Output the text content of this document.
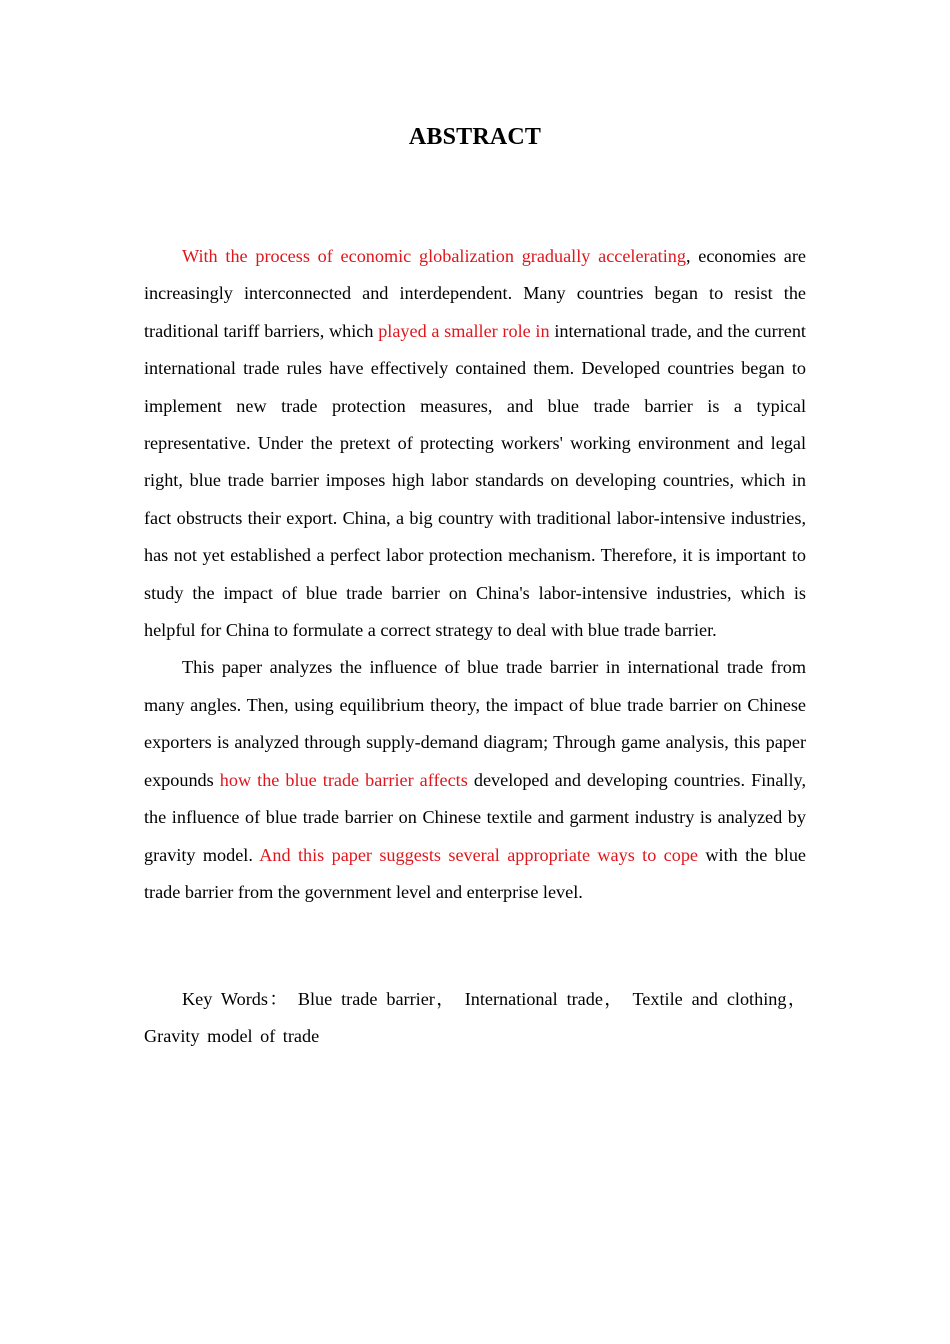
ABSTRACT

With the process of economic globalization gradually accelerating, economies are increasingly interconnected and interdependent. Many countries began to resist the traditional tariff barriers, which played a smaller role in international trade, and the current international trade rules have effectively contained them. Developed countries began to implement new trade protection measures, and blue trade barrier is a typical representative. Under the pretext of protecting workers' working environment and legal right, blue trade barrier imposes high labor standards on developing countries, which in fact obstructs their export. China, a big country with traditional labor-intensive industries, has not yet established a perfect labor protection mechanism. Therefore, it is important to study the impact of blue trade barrier on China's labor-intensive industries, which is helpful for China to formulate a correct strategy to deal with blue trade barrier.

This paper analyzes the influence of blue trade barrier in international trade from many angles. Then, using equilibrium theory, the impact of blue trade barrier on Chinese exporters is analyzed through supply-demand diagram; Through game analysis, this paper expounds how the blue trade barrier affects developed and developing countries. Finally, the influence of blue trade barrier on Chinese textile and garment industry is analyzed by gravity model. And this paper suggests several appropriate ways to cope with the blue trade barrier from the government level and enterprise level.

Key Words： Blue trade barrier， International trade， Textile and clothing，Gravity model of trade
